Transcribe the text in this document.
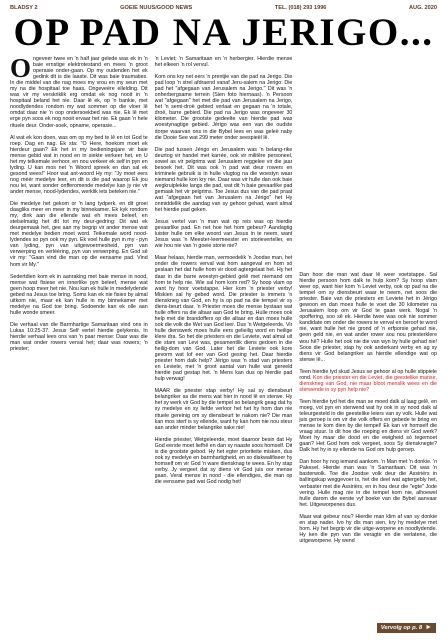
BLADSY 2	GOEIE NUUS/GOOD NEWS	TEL. (018) 293 1996	AUG. 2020
OP PAD NA JERIGO...

Ongeveer twee en 'n half jaar gelede was ek in 'n baie ernstige elektrotestand en mees 'n groot operasie onder-gaan. Op my oudenden het ek gedink dit is die laaste. Dit was baie traumaties. In die middel van die nag moes my vrou en my seun met my na die hospitaal toe haas. Ongeveëre ellelding. Dit was vir my verskriklik erg omdat ek nog nooit in 'n hospitaal beland het nie. Daar lê ek, op 'n bankie, met noodlydendes rondom my wat sommer op die vloer lê omdat daar nie 'n oop ondersoekbed was nie. Ek lê met erge pyn soos ek nog nooit ervaar het nie. Ek gaan 'n hele rituele deur. Onder-soek, opname, operasie...

Al wat ek kon doen, was om op my bed te lê en tot God te roep. Dag en nag. Ek sta: "O Here, hoekom moet ek hierdeur gaan? Ek het in my bedieningsjare vir baie mense gebid wat in nood en in siekte verkeer het, en U het my telkemale verhoor, en nou verkeer ek self in pyn en lyding. U kan mos net 'n Woord spreek en dan sal ek gesond wees!" Hoor wat ant-woord Hy my: "Jy moet eers nog méér medelye leer, en dit is die pad waarop Ek jou nou lei, want sonder onfferomende medelye kan jy nie vir ander mense, nood-lydendes, werklik iets beteken nie."

Die medelye het gekom or 'n lang tydperk, en dit groei daagliks meer en meer in my binnekamer. Ek kyk rondom my, dink aan die ellende wat eh mees beleef, en stelselmatig het dit tot my deur-gedring: Dit wat ek deurgemaak het, gee aan my begrip vir ander mense wat met medelye bedien moet word. Teikemale word nood-lydendes so pyn ook my pyn. Ek voel hulle pyn in my - pyn van lyding, pyn van uitgewoermesheid, pyn van verwerping en verlééring, pyn van verwerping. En God sê vir my: "Gaan vind die man op die eensame pad. Vind hom vir My."

Sedertdien kom ek in aanraking met baie mense in nood, mense wat fisiese en innerlike pyn beleef, mense wat geen hoop meer het nie. Nou kan ek hulle in medelydende gebed na Jesus toe bring. Soms kan ek nie fisies by almal uitkom nie, maar ek kan hulle in my binnekamer met medelye na God toe bring. Sodoende kan ek olle aan hulle wonde smeer.

Die verhaal van die Barmhartige Samaritaan vind ons in Lukas 10:25-37. Jesus Self vertel hierdie gelykenis. In hierdie verhaal lees ons van 'n paar mense: Daar was die man wat onder rowers verval het; daar was rowers; 'n priester;

'n Leviet; 'n Samaritaan en 'n herbergier. Hierdie mense het elkeen 'n rol vervul.

Kom ons kry net eers 'n prentjie van die pad na Jerigo. Die pad loop 'n strel afdraend vanaf Jeru-salem na Jerigo: Die pad het "afgegaan van Jerusalem na Jerigo." Dit was 'n onherbergsame terrein (Sien foto hiernaas). 'n Persoon wat "afgegaan" het met die pad van Jerusalem na Jerigo, het 'n semi-droë gebied verlaat en gegaan na 'n totale, droë, barre gebied. Die pad na Jerigo was ongeveer 30 kilometer. Die grootste gedeelte van hierdie pad was woestynagtige gebied. Jérigo was een van die oudste dorpe waarvan ons in die Bybel lees en was geleë naby die Dooie See wat 299 meter onder seespieël lê.

Die pad tussen Jérigo en Jerusalem was 'n belang-rike deurtog vir handel met karrée, ook vir militêre personeel, sowel as vir pelgrims wat Jerusalem reggelee vir die jaar besoek het. Dit was ook 'n pad wat deur rowers en kriminele gebruik is in hulle vlugtog na die woestyn waar niemand hulle kon kry nie. Daar was vir hulle dan ook baie wegkruiplekke langs die pad, wat dit 'n baie gevaarlike pad gemaak het vir pelgrims. Toe Jesus dus van die pad praat wat "afgegaan het van Jerusalem na Jérigo" het Hy onmiddellik die aandag van sy gehoor gehad, want almal het hierdie pad geken.

Jesus vertel van 'n man wat op reis was op hierdie gevaarlike pad. En net hoe het hom gebeur? Aandagtig luister hulle om elke woord van Jesus in te neem, want Jesus was 'n Meester-leermeester en storieverteller, en wie hou nie van 'n goeie storie nie?

Maar helaas, hierdie man, vermoedelik 'n Joodse man, het onder die rowers verval wat hom aangeval en hom só geslaan het dat hulle hom vir dood agtergelaat het. Hy het daar in die barre woestyn-gebied gelê met niemand om hom te help nie. Wie sal hom kom red? Sy hoop vlam op want hy hoor voetstappe. Hier kom 'n priester verby! Miskien sal hy gebed word. Die priester is immers 'n dienskneg van God, en hy is op pad na die tempel vir sy diens-beurt daar. 'n Priester moes die mense bystaan wat hulle offers na die altaar aan God te bring. Hulle moes ook help met die brandoffers op die altaar en dan moes hulle ook die volk die Wet van God leer. Dus 'n Wetgeleerde. Vir hulle dienswerk moes hulle eers gelieilig word en heilige klere dra. So het die priesters en die Leviete, wat almal uit die stam van Levi was, gesamentlik diens gedoen in die heilig-dom van God. Later het die Leviete ook kore gevorm wat lof eer van God gesing het. Daar hierdie priester hom dalk help? Jérigo was 'n stad van priesters en Leviete, met 'n groot aantal van hulle wat gereeld hierdie pad gestap het. 'n Mens kan dus op hierdie pad hulp verwag!

MAAR die priester stap verby! Hy sal sy diensbeurt belangriker as die mens wat hier in nood lê en sterwe. Hy het sy werk vir God by die tempel so belangrik geag dat hy sy medelye en sy liefde verloor het het hy hom dan nie rituele gereinig om sy diensbeurt te nakom nie? Die man kan mos sterf is sy ellende, want hy kan hom nie nou steur aan ander minder belangrike sake nie!

Hierdie priester, Wetgeleerde, moet daaroor besin dat Hy God eerste moet liefhê en dan sy naaste soos homself. Dit is die grootste gebod. Hy het egter prioriteite misken, dus ook sy medelye en barmhartigheid, en so diskwalifiseer hy homself om vir God 'n ware diensknag te wees. En hy stap verby. Jy vergeet dat sy diens vir God juis oor mense gaan. Veral mense in nood - die ellendiges, die man op die eensame pad wat God nodig het!

Dan hoor die man wat daar lê weer voetstappe. Sal hierdie persoon hom dalk te hulp kom? Sy hoop vlam weer op, want hier kom 'n Leviet verby, ook op pad na die tempel om sy diensbeurt waar te neem, net soos die priester. Baie van die priesters en Leviete het in Jérigo gewoon en dan moes hulle te voet die 30 kilometer na Jerusalem loop om vir God te gaan werk. Nogal 'n opoffering, soo sê ek. Hierdie twee was ook nie sommer kandidate om onder die rowers te verval en beroof te word nie, want hulle het nie grond of 'n erfporsie gehad nie, geen geld nie, en wat ander rower sou nou priesterklere wou hê? Hulle het ook nie die van wyn by hulle gehad nie! Soos die priester, stap hy ook anderkant verby en ag sy diens vir God belangriker as hierdie ellendige wat op sterwe lê...

Teen hierdie tyd skud Jesus se gehoor al op hulle stippiele rond. Kon die priester en die Leviet, die geestelike manse, dienskneg van God, nie maar bloot menslik wees en die sterwende in sy pyn help nie?

Teen hierdie tyd het die man se moed dalk al laag gelê, en moeg, vol pyn en sterwend wat hy ook in sy nood dalk al teleurgesteld in die geestelike leiers van sy volk. Hulle wat juis geroep is om vir die volk offers en gebede te bring en mense te kom dien by die tempel! Ek kan vir homself die vraag stuur. Is dit hoe die roeping en diens vir God werk? Moet hy maar die dood en die ewigheid só tegemoet gaan? Het God hom ook vergeet, soos Sy diensknegte? Dalk het hy in sy ellende na God om hulp geroep.

Dan hoor hy nog iemand aankom. 'n Man met 'n donkie. 'n Pakesel. Hierdie man was 'n Samaritaan. Dit was 'n basterwolk. Toe die Joodse volk deur die Assiriërs in ballingskap weggevoer is, het die deel wat agtergebly het, verbaster met die Assiriërs, en in hou deur die "egte" Jode vering. Hulle mag nie in die tempel kom nie, alhoewel hulle darom die eerste vyf boeke van die Bybel aanvaar het. Uitgeworpenes dus.

Maar wat gebeur nou? Hierdie man klim af van sy donkie en stap nader. Ivo hy dis man sien, kry hy medelye met hom. Hy het begrip vir die uitge-worpene en noodlydende. Hy ken die pyn van die veragte en die verlatene, die uitgeworpene. Hy wend

Vervolg op p. 8 ►
